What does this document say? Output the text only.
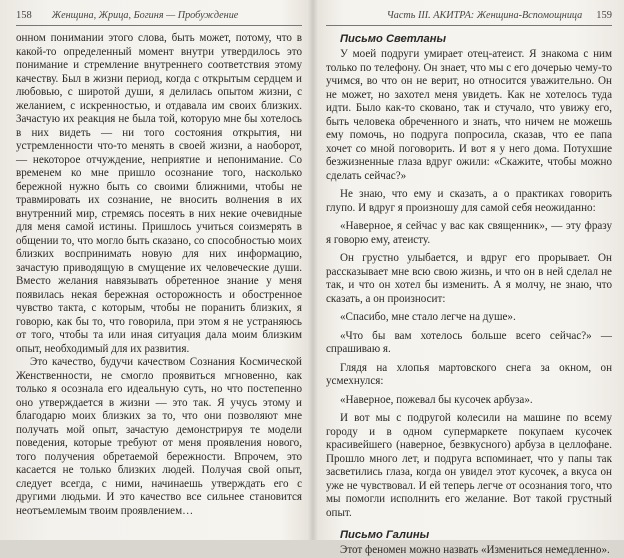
158 Женщина, Жрица, Богиня — Пробуждение

онном понимании этого слова, быть может, потому, что в какой-то определенный момент внутри утвердилось это понимание и стремление внутреннего соответствия этому качеству. Был в жизни период, когда с открытым сердцем и любовью, с широтой души, я делилась опытом жизни, с желанием, с искренностью, и отдавала им своих близких. Зачастую их реакция не была той, которую мне бы хотелось в них видеть — ни того состояния открытия, ни устремленности что-то менять в своей жизни, а наоборот, — некоторое отчуждение, неприятие и непонимание. Со временем ко мне пришло осознание того, насколько бережной нужно быть со своими ближними, чтобы не травмировать их сознание, не вносить волнения в их внутренний мир, стремясь посеять в них некие очевидные для меня самой истины. Пришлось учиться соизмерять в общении то, что могло быть сказано, со способностью моих близких воспринимать новую для них информацию, зачастую приводящую в смущение их человеческие души. Вместо желания навязывать обретенное знание у меня появилась некая бережная осторожность и обостренное чувство такта, с которым, чтобы не поранить близких, я говорю, как бы то, что говорила, при этом я не устраняюсь от того, чтобы та или иная ситуация дала моим близким опыт, необходимый для их развития.

Это качество, будучи качеством Сознания Космической Женственности, не смогло проявиться мгновенно, как только я осознала его идеальную суть, но что постепенно оно утверждается в жизни — это так. Я учусь этому и благодарю моих близких за то, что они позволяют мне получать мой опыт, зачастую демонстрируя те модели поведения, которые требуют от меня проявления нового, того получения обретаемой бережности. Впрочем, это касается не только близких людей. Получая свой опыт, следует всегда, с ними, начинаешь утверждать его с другими людьми. И это качество все сильнее становится неотъемлемым твоим проявлением…

Часть III. АКИТРА: Женщина-Вспомощница 159
Письмо Светланы

У моей подруги умирает отец-атеист. Я знакома с ним только по телефону. Он знает, что мы с его дочерью чему-то учимся, во что он не верит, но относится уважительно. Он не может, но захотел меня увидеть. Как не хотелось туда идти. Было как-то сковано, так и стучало, что увижу его, быть человека обреченного и знать, что ничем не можешь ему помочь, но подруга попросила, сказав, что ее папа хочет со мной поговорить. И вот я у него дома. Потухшие безжизненные глаза вдруг ожили: «Скажите, чтобы можно сделать сейчас?»

Не знаю, что ему и сказать, а о практиках говорить глупо. И вдруг я произношу для самой себя неожиданно:

«Наверное, я сейчас у вас как священник», — эту фразу я говорю ему, атеисту.

Он грустно улыбается, и вдруг его прорывает. Он рассказывает мне всю свою жизнь, и что он в ней сделал не так, и что он хотел бы изменить. А я молчу, не знаю, что сказать, а он произносит:

«Спасибо, мне стало легче на душе».

«Что бы вам хотелось больше всего сейчас?» — спрашиваю я.

Глядя на хлопья мартовского снега за окном, он усмехнулся:

«Наверное, пожевал бы кусочек арбуза».

И вот мы с подругой колесили на машине по всему городу и в одном супермаркете покупаем кусочек красивейшего (наверное, безвкусного) арбуза в целлофане. Прошло много лет, и подруга вспоминает, что у папы так засветились глаза, когда он увидел этот кусочек, а вкуса он уже не чувствовал. И ей теперь легче от осознания того, что мы помогли исполнить его желание. Вот такой грустный опыт.

Письмо Галины

Этот феномен можно назвать «Измениться немедленно».
